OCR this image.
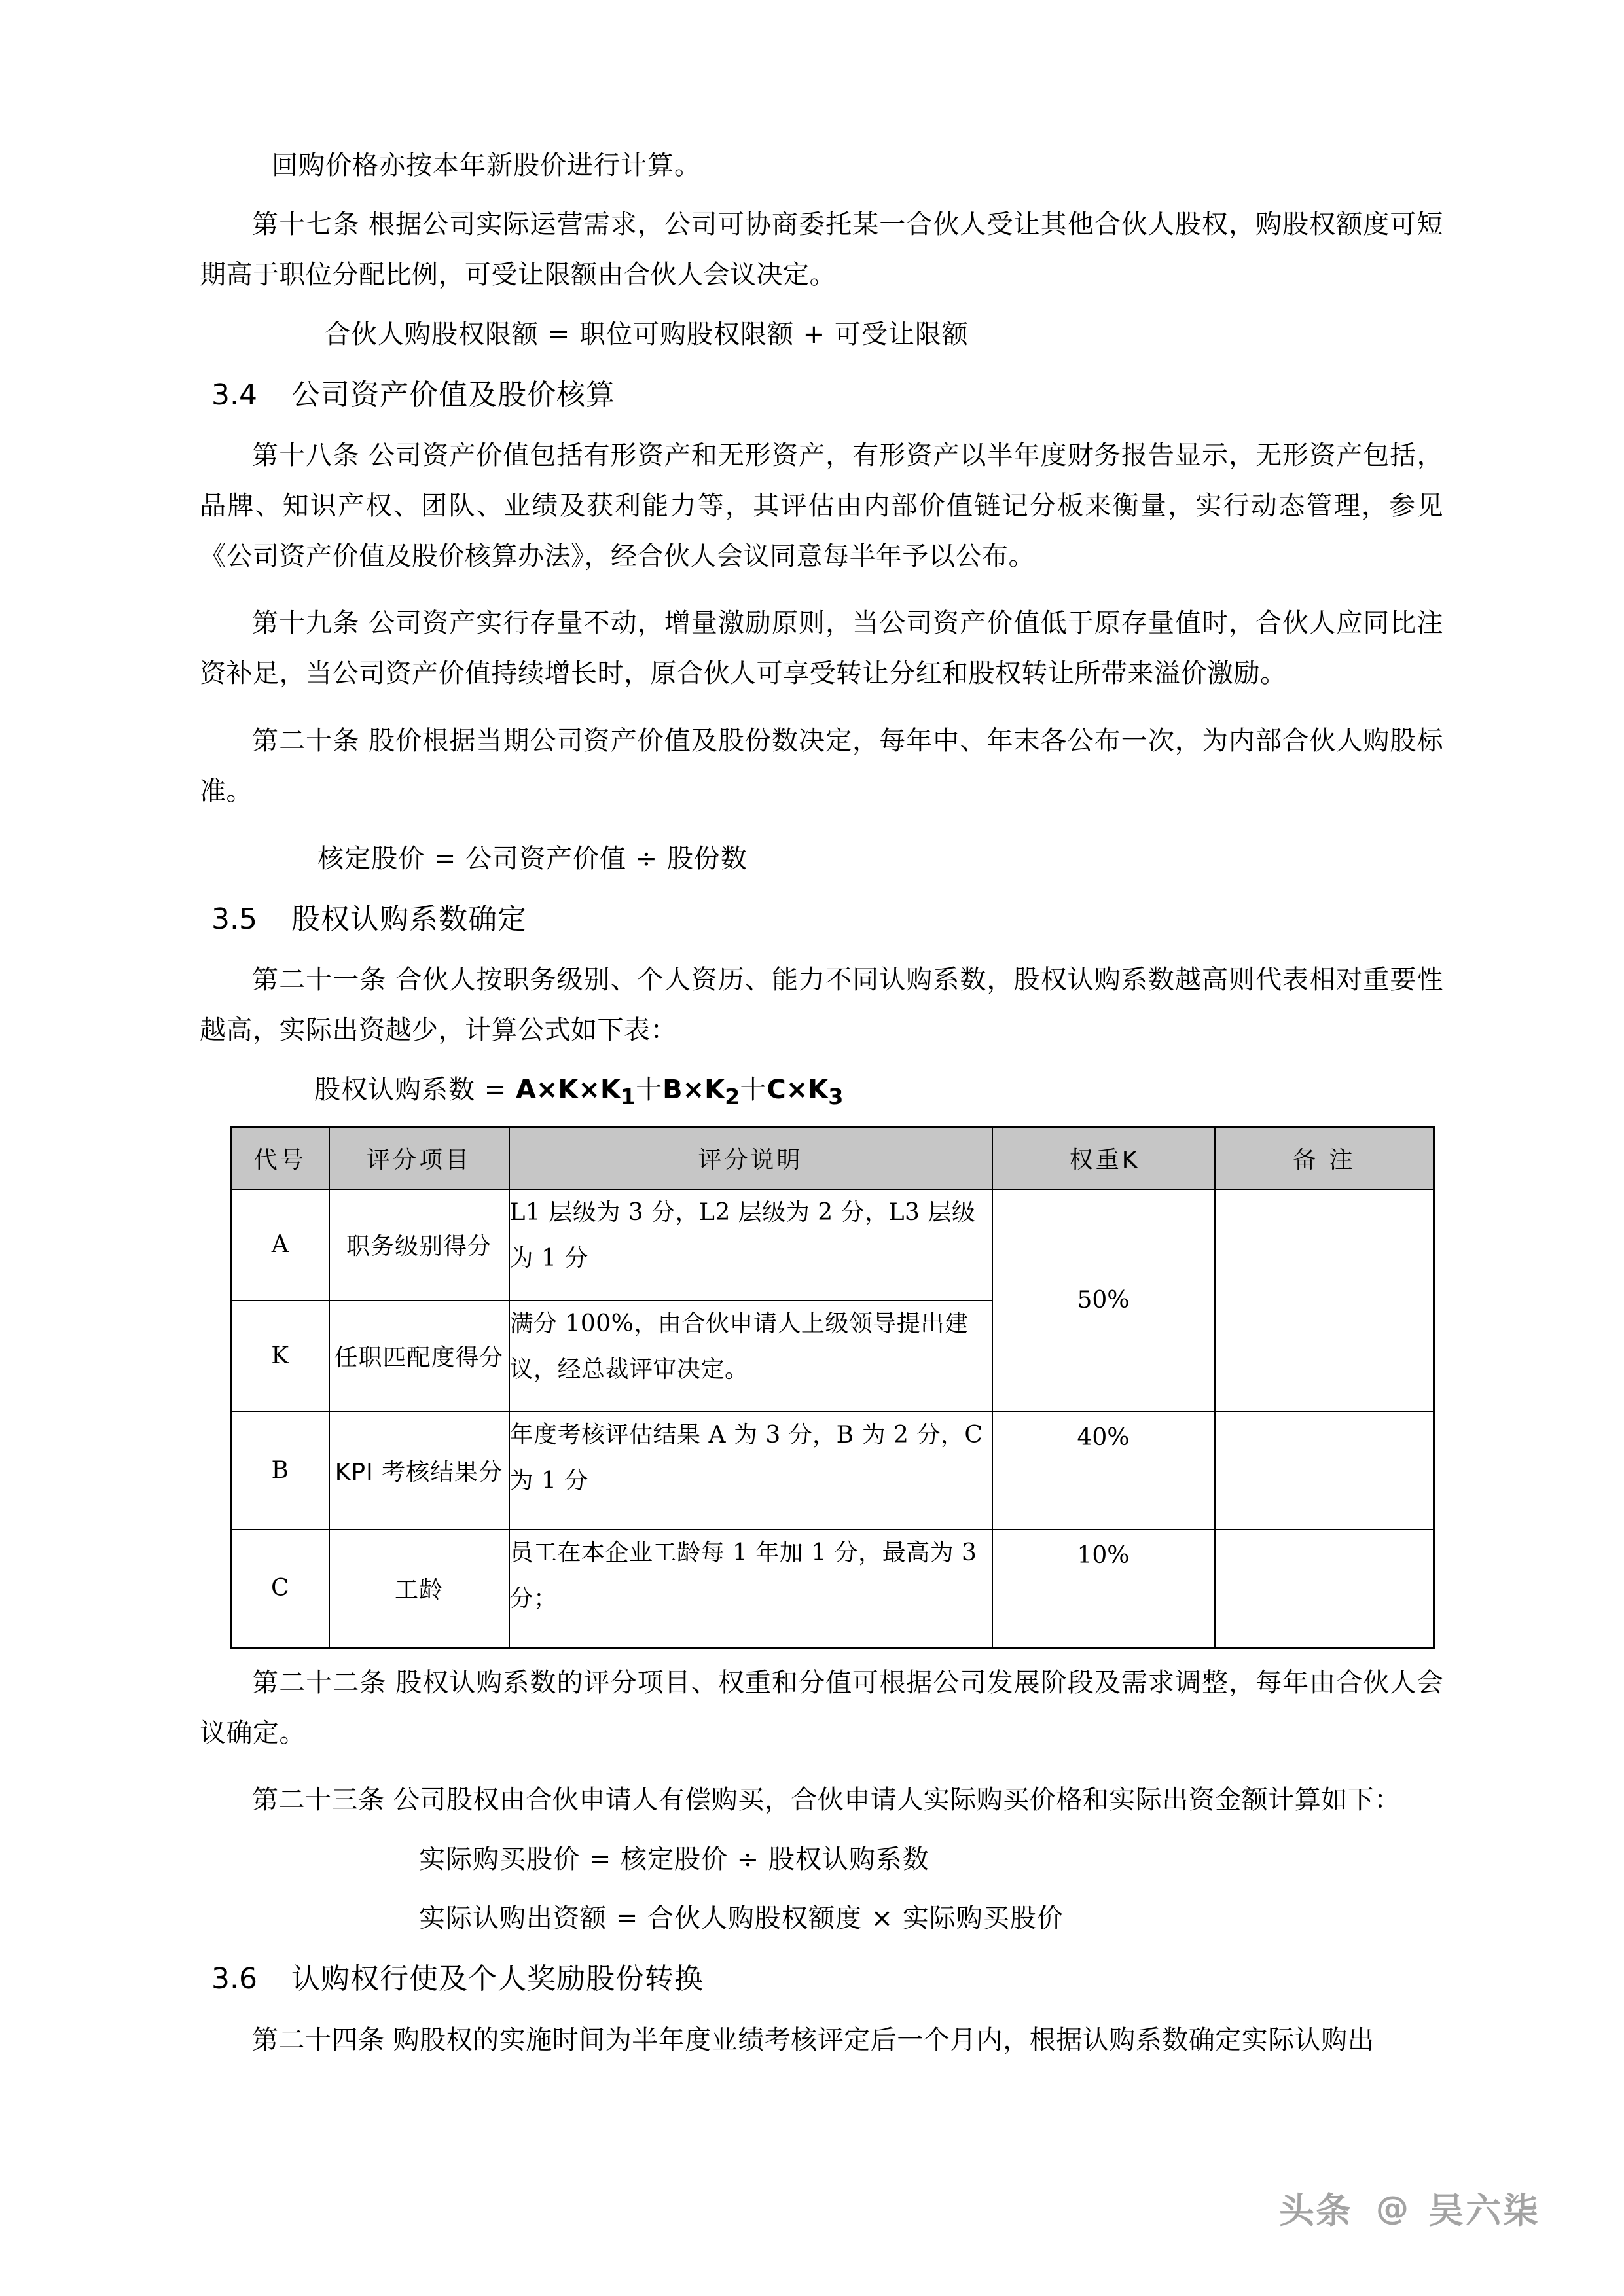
回购价格亦按本年新股价进行计算。

第十七条 根据公司实际运营需求，公司可协商委托某一合伙人受让其他合伙人股权，购股权额度可短期高于职位分配比例，可受让限额由合伙人会议决定。

合伙人购股权限额 = 职位可购股权限额 + 可受让限额
3.4 公司资产价值及股价核算

第十八条 公司资产价值包括有形资产和无形资产，有形资产以半年度财务报告显示，无形资产包括，品牌、知识产权、团队、业绩及获利能力等，其评估由内部价值链记分板来衡量，实行动态管理，参见《公司资产价值及股价核算办法》，经合伙人会议同意每半年予以公布。

第十九条 公司资产实行存量不动，增量激励原则，当公司资产价值低于原存量值时，合伙人应同比注资补足，当公司资产价值持续增长时，原合伙人可享受转让分红和股权转让所带来溢价激励。

第二十条 股价根据当期公司资产价值及股份数决定，每年中、年末各公布一次，为内部合伙人购股标准。

核定股价 = 公司资产价值 ÷ 股份数
3.5 股权认购系数确定

第二十一条 合伙人按职务级别、个人资历、能力不同认购系数，股权认购系数越高则代表相对重要性越高，实际出资越少，计算公式如下表：

股权认购系数 = $A\times K\times K_1$十$B\times K_2$十$C\times K_3$
代号	评分项目	评分说明	权重K	备 注
A	职务级别得分	L1 层级为 3 分，L2 层级为 2 分，L3 层级为 1 分	50%	
K	任职匹配度得分	满分 100%，由合伙申请人上级领导提出建议，经总裁评审决定。		
B	KPI 考核结果分	年度考核评估结果 A 为 3 分，B 为 2 分，C 为 1 分	40%	
C	工龄	员工在本企业工龄每 1 年加 1 分，最高为 3 分；	10%	

第二十二条 股权认购系数的评分项目、权重和分值可根据公司发展阶段及需求调整，每年由合伙人会议确定。

第二十三条 公司股权由合伙申请人有偿购买，合伙申请人实际购买价格和实际出资金额计算如下：

实际购买股价 = 核定股价 ÷ 股权认购系数
实际认购出资额 = 合伙人购股权额度 × 实际购买股价
3.6 认购权行使及个人奖励股份转换

第二十四条 购股权的实施时间为半年度业绩考核评定后一个月内，根据认购系数确定实际认购出

头条 @ 吴六柒
